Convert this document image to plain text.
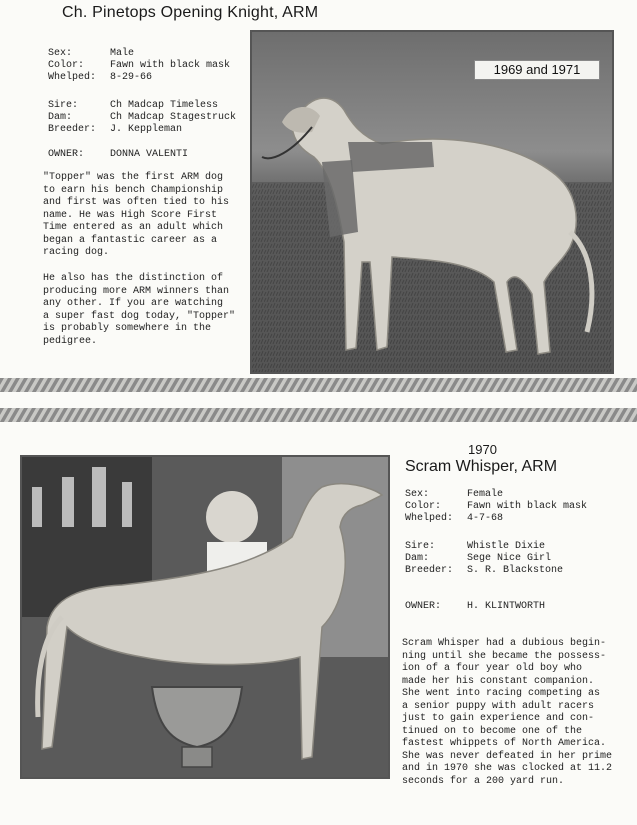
Ch. Pinetops Opening Knight, ARM
Sex:	Male
Color:	Fawn with black mask
Whelped:	8-29-66
Sire:	Ch Madcap Timeless
Dam:	Ch Madcap Stagestruck
Breeder:	J. Keppleman
OWNER:	DONNA VALENTI
"Topper" was the first ARM dog
to earn his bench Championship
and first was often tied to his
name. He was High Score First
Time entered as an adult which
began a fantastic career as a
racing dog.
He also has the distinction of
producing more ARM winners than
any other. If you are watching
a super fast dog today, "Topper"
is probably somewhere in the
pedigree.
1969 and 1971
1970
Scram Whisper, ARM
Sex:	Female
Color:	Fawn with black mask
Whelped:	4-7-68
Sire:	Whistle Dixie
Dam:	Sege Nice Girl
Breeder:	S. R. Blackstone
OWNER:	H. KLINTWORTH
Scram Whisper had a dubious begin-
ning until she became the possess-
ion of a four year old boy who
made her his constant companion.
She went into racing competing as
a senior puppy with adult racers
just to gain experience and con-
tinued on to become one of the
fastest whippets of North America.
She was never defeated in her prime
and in 1970 she was clocked at 11.2
seconds for a 200 yard run.
